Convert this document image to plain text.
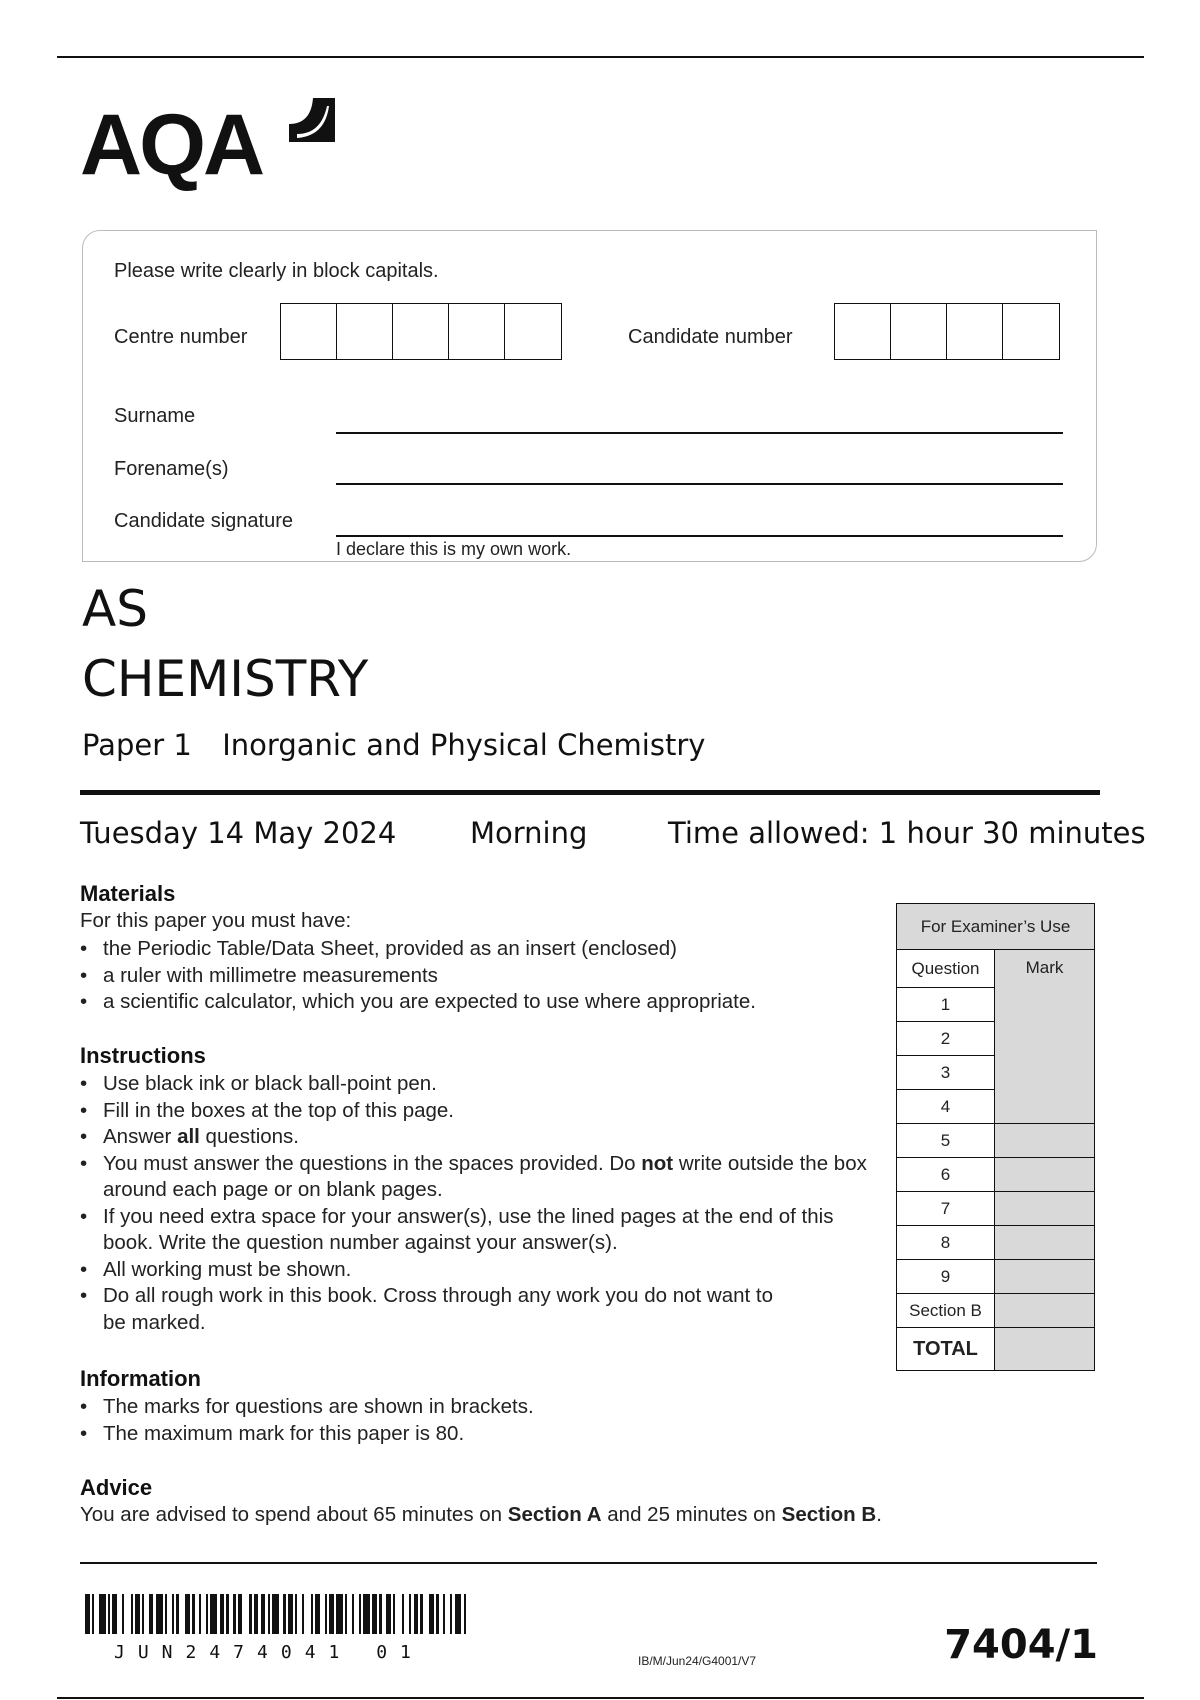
AQA
Please write clearly in block capitals.
Centre number	Candidate number
Surname
Forename(s)
Candidate signature
I declare this is my own work.
AS
CHEMISTRY
Paper 1 Inorganic and Physical Chemistry
Tuesday 14 May 2024	Morning	Time allowed: 1 hour 30 minutes
Materials
For this paper you must have:
• the Periodic Table/Data Sheet, provided as an insert (enclosed)
• a ruler with millimetre measurements
• a scientific calculator, which you are expected to use where appropriate.
Instructions
• Use black ink or black ball-point pen.
• Fill in the boxes at the top of this page.
• Answer all questions.
• You must answer the questions in the spaces provided. Do not write outside the box around each page or on blank pages.
• If you need extra space for your answer(s), use the lined pages at the end of this book. Write the question number against your answer(s).
• All working must be shown.
• Do all rough work in this book. Cross through any work you do not want to be marked.
Information
• The marks for questions are shown in brackets.
• The maximum mark for this paper is 80.
Advice
You are advised to spend about 65 minutes on Section A and 25 minutes on Section B.
For Examiner’s Use	
Question	Mark
1	
2	
3	
4	
5	
6	
7	
8	
9	
Section B	
TOTAL	
JUN2474041 01	IB/M/Jun24/G4001/V7	7404/1
